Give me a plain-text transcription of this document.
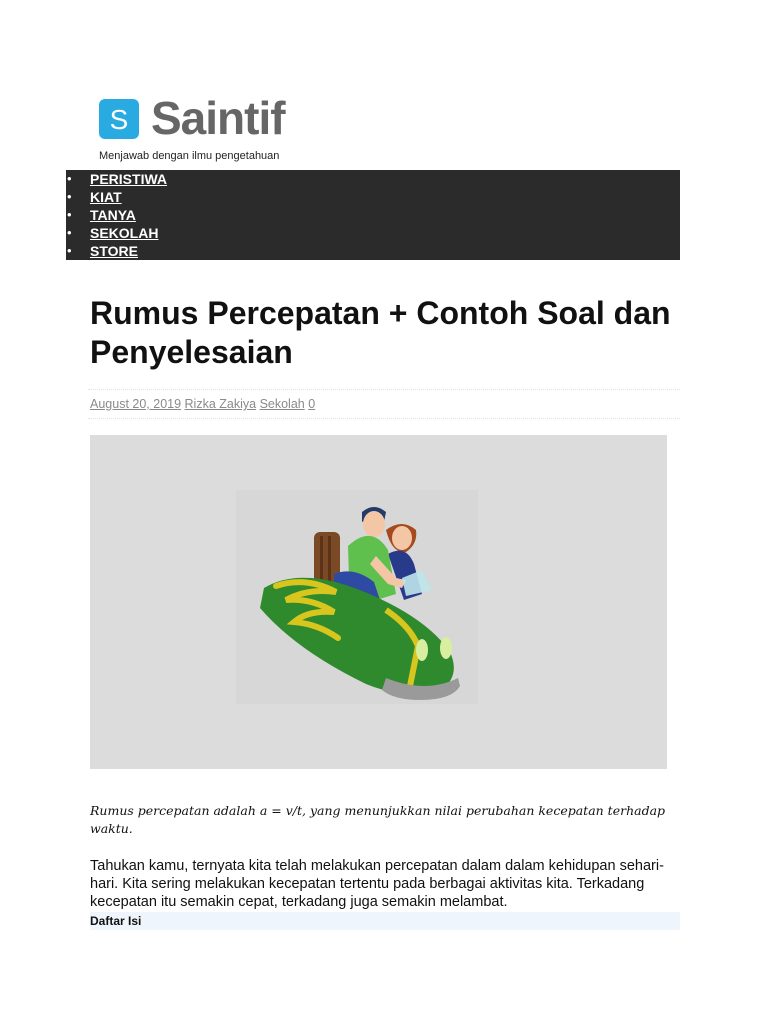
S Saintif
Menjawab dengan ilmu pengetahuan
• PERISTIWA
• KIAT
• TANYA
• SEKOLAH
• STORE
Rumus Percepatan + Contoh Soal dan Penyelesaian
August 20, 2019 Rizka Zakiya Sekolah 0

Rumus percepatan adalah a = v/t, yang menunjukkan nilai perubahan kecepatan terhadap waktu.

Tahukan kamu, ternyata kita telah melakukan percepatan dalam dalam kehidupan sehari-hari. Kita sering melakukan kecepatan tertentu pada berbagai aktivitas kita. Terkadang kecepatan itu semakin cepat, terkadang juga semakin melambat.

Daftar Isi
